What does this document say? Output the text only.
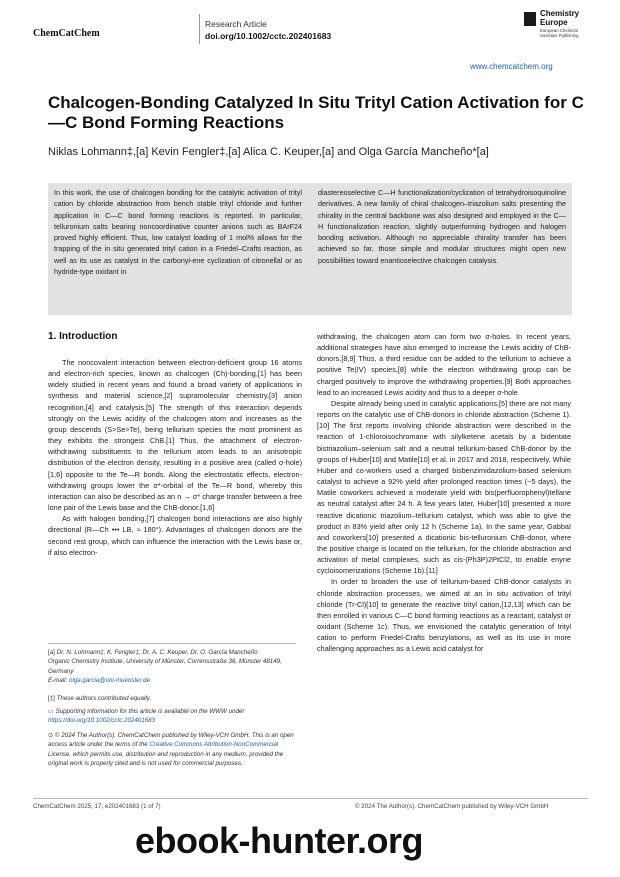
ChemCatChem
Research Article
doi.org/10.1002/cctc.202401683
Chemistry
Europe
European Chemical
Societies Publishing
www.chemcatchem.org
Chalcogen-Bonding Catalyzed In Situ Trityl Cation Activation for C—C Bond Forming Reactions
Niklas Lohmann‡,[a] Kevin Fengler‡,[a] Alica C. Keuper,[a] and Olga García Mancheño*[a]
In this work, the use of chalcogen bonding for the catalytic activation of trityl cation by chloride abstraction from bench stable trityl chloride and further application in C—C bond forming reactions is reported. In particular, telluronium salts bearing noncoordinative counter anions such as BArF24 proved highly efficient. Thus, low catalyst loading of 1 mol% allows for the trapping of the in situ generated trityl cation in a Friedel–Crafts reaction, as well as its use as catalyst in the carbonyl-ene cyclization of citronellal or as hydride-type oxidant in
diastereoselective C—H functionalization/cyclization of tetrahydroisoquinoline derivatives. A new family of chiral chalcogen–triazolium salts presenting the chirality in the central backbone was also designed and employed in the C—H functionalization reaction, slightly outperforming hydrogen and halogen bonding activation. Although no appreciable chirality transfer has been achieved so far, those simple and modular structures might open new possibilities toward enantioselective chalcogen catalysis.
1. Introduction

The noncovalent interaction between electron-deficient group 16 atoms and electron-rich species, known as chalcogen (Ch)-bonding,[1] has been widely studied in recent years and found a broad variety of applications in synthesis and material science,[2] supramolecular chemistry,[3] anion recognition,[4] and catalysis.[5] The strength of this interaction depends strongly on the Lewis acidity of the chalcogen atom and increases as the group descends (S>Se>Te), being tellurium species the most prominent as they exhibits the strongest ChB.[1] Thus, the attachment of electron-withdrawing substituents to the tellurium atom leads to an anisotropic distribution of the electron density, resulting in a positive area (called σ-hole)[1,6] opposite to the Te—R bonds. Along the electrostatic effects, electron-withdrawing groups lower the σ*-orbital of the Te—R bond, whereby this interaction can also be described as an n → σ* charge transfer between a free lone pair of the Lewis base and the ChB-donor.[1,6]

As with halogen bonding,[7] chalcogen bond interactions are also highly directional (R—Ch ••• LB, ≈ 180°). Advantages of chalcogen donors are the second rest group, which can influence the interaction with the Lewis base or, if also electron-

withdrawing, the chalcogen atom can form two σ-holes. In recent years, additional strategies have also emerged to increase the Lewis acidity of ChB-donors.[8,9] Thus, a third residue can be added to the tellurium to achieve a positive Te(IV) species,[8] while the electron withdrawing group can be charged positively to improve the withdrawing properties.[9] Both approaches lead to an increased Lewis acidity and thus to a deeper σ-hole.

Despite already being used in catalytic applications,[5] there are not many reports on the catalytic use of ChB-donors in chloride abstraction (Scheme 1).[10] The first reports involving chloride abstraction were described in the reaction of 1-chloroisochromane with silylketene acetals by a bidentate bistriazolium–selenium salt and a neutral tellurium-based ChB-donor by the groups of Huber[10] and Matile[10] et al. in 2017 and 2018, respectively. While Huber and co-workers used a charged bisbenzimidazolium-based selenium catalyst to achieve a 92% yield after prolonged reaction times (~5 days), the Matile coworkers achieved a moderate yield with bis(perfluorophenyl)tellane as neutral catalyst after 24 h. A few years later, Huber[10] presented a more reactive dicationic triazolium–tellurium catalyst, which was able to give the product in 83% yield after only 12 h (Scheme 1a). In the same year, Gabbaï and coworkers[10] presented a dicationic bis-telluronium ChB-donor, where the positive charge is located on the tellurium, for the chloride abstraction and activation of metal complexes, such as cis-(Ph3P)2PtCl2, to enable enyne cycloisomerizations (Scheme 1b).[11]

In order to broaden the use of tellurium-based ChB-donor catalysts in chloride abstraction processes, we aimed at an in situ activation of trityl chloride (Tr-Cl)[10] to generate the reactive trityl cation,[12,13] which can be then enrolled in various C—C bond forming reactions as a reactant, catalyst or oxidant (Scheme 1c). Thus, we envisioned the catalytic generation of trityl cation to perform Friedel-Crafts benzylations, as well as its use in more challenging approaches as a Lewis acid catalyst for

[a] Dr. N. Lohmann‡, K. Fengler‡, Dr. A. C. Keuper, Dr. O. García Mancheño
Organic Chemistry Institute, University of Münster, Corrensstraße 36, Münster 48149, Germany
E-mail: olga.garcia@uni-muenster.de
[‡] These authors contributed equally.
▭ Supporting information for this article is available on the WWW under
https://doi.org/10.1002/cctc.202401683
⊙ © 2024 The Author(s). ChemCatChem published by Wiley-VCH GmbH. This is an open access article under the terms of the Creative Commons Attribution-NonCommercial License, which permits use, distribution and reproduction in any medium, provided the original work is properly cited and is not used for commercial purposes.
ChemCatChem 2025, 17, e202401683 (1 of 7)	© 2024 The Author(s). ChemCatChem published by Wiley-VCH GmbH
ebook-hunter.org
